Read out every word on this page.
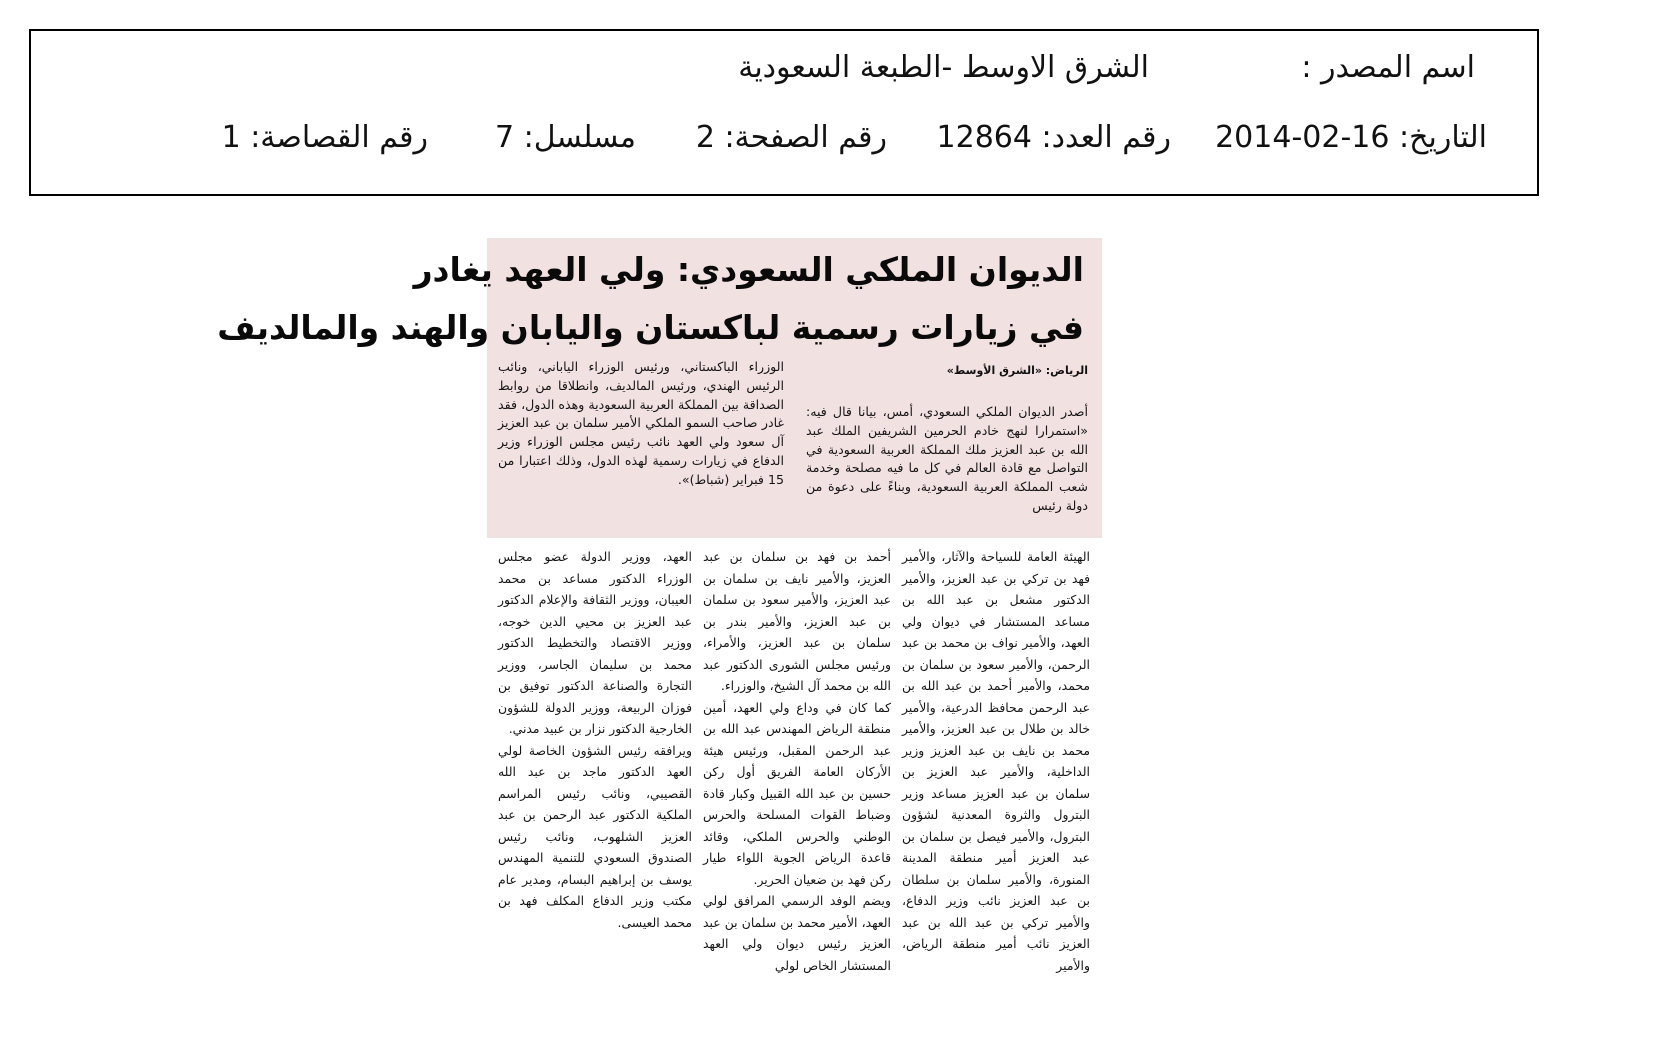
اسم المصدر :
الشرق الاوسط -الطبعة السعودية
التاريخ: 16-02-2014
رقم العدد: 12864
رقم الصفحة: 2
مسلسل: 7
رقم القصاصة: 1
الديوان الملكي السعودي: ولي العهد يغادر
في زيارات رسمية لباكستان واليابان والهند والمالديف
الرياض: «الشرق الأوسط»

أصدر الديوان الملكي السعودي، أمس، بيانا قال فيه: «استمرارا لنهج خادم الحرمين الشريفين الملك عبد الله بن عبد العزيز ملك المملكة العربية السعودية في التواصل مع قادة العالم في كل ما فيه مصلحة وخدمة شعب المملكة العربية السعودية، وبناءً على دعوة من دولة رئيس

الوزراء الباكستاني، ورئيس الوزراء الياباني، ونائب الرئيس الهندي، ورئيس المالديف، وانطلاقا من روابط الصداقة بين المملكة العربية السعودية وهذه الدول، فقد غادر صاحب السمو الملكي الأمير سلمان بن عبد العزيز آل سعود ولي العهد نائب رئيس مجلس الوزراء وزير الدفاع في زيارات رسمية لهذه الدول، وذلك اعتبارا من 15 فبراير (شباط)».

الهيئة العامة للسياحة والآثار، والأمير فهد بن تركي بن عبد العزيز، والأمير الدكتور مشعل بن عبد الله بن مساعد المستشار في ديوان ولي العهد، والأمير نواف بن محمد بن عبد الرحمن، والأمير سعود بن سلمان بن محمد، والأمير أحمد بن عبد الله بن عبد الرحمن محافظ الدرعية، والأمير خالد بن طلال بن عبد العزيز، والأمير محمد بن نايف بن عبد العزيز وزير الداخلية، والأمير عبد العزيز بن سلمان بن عبد العزيز مساعد وزير البترول والثروة المعدنية لشؤون البترول، والأمير فيصل بن سلمان بن عبد العزيز أمير منطقة المدينة المنورة، والأمير سلمان بن سلطان بن عبد العزيز نائب وزير الدفاع، والأمير تركي بن عبد الله بن عبد العزيز نائب أمير منطقة الرياض، والأمير

أحمد بن فهد بن سلمان بن عبد العزيز، والأمير نايف بن سلمان بن عبد العزيز، والأمير سعود بن سلمان بن عبد العزيز، والأمير بندر بن سلمان بن عبد العزيز، والأمراء، ورئيس مجلس الشورى الدكتور عبد الله بن محمد آل الشيخ، والوزراء.

كما كان في وداع ولي العهد، أمين منطقة الرياض المهندس عبد الله بن عبد الرحمن المقبل، ورئيس هيئة الأركان العامة الفريق أول ركن حسين بن عبد الله القبيل وكبار قادة وضباط القوات المسلحة والحرس الوطني والحرس الملكي، وقائد قاعدة الرياض الجوية اللواء طيار ركن فهد بن ضعيان الحرير.

ويضم الوفد الرسمي المرافق لولي العهد، الأمير محمد بن سلمان بن عبد العزيز رئيس ديوان ولي العهد المستشار الخاص لولي

العهد، ووزير الدولة عضو مجلس الوزراء الدكتور مساعد بن محمد العيبان، ووزير الثقافة والإعلام الدكتور عبد العزيز بن محيي الدين خوجه، ووزير الاقتصاد والتخطيط الدكتور محمد بن سليمان الجاسر، ووزير التجارة والصناعة الدكتور توفيق بن فوزان الربيعة، ووزير الدولة للشؤون الخارجية الدكتور نزار بن عبيد مدني.

ويرافقه رئيس الشؤون الخاصة لولي العهد الدكتور ماجد بن عبد الله القصيبي، ونائب رئيس المراسم الملكية الدكتور عبد الرحمن بن عبد العزيز الشلهوب، ونائب رئيس الصندوق السعودي للتنمية المهندس يوسف بن إبراهيم البسام، ومدير عام مكتب وزير الدفاع المكلف فهد بن محمد العيسى.
